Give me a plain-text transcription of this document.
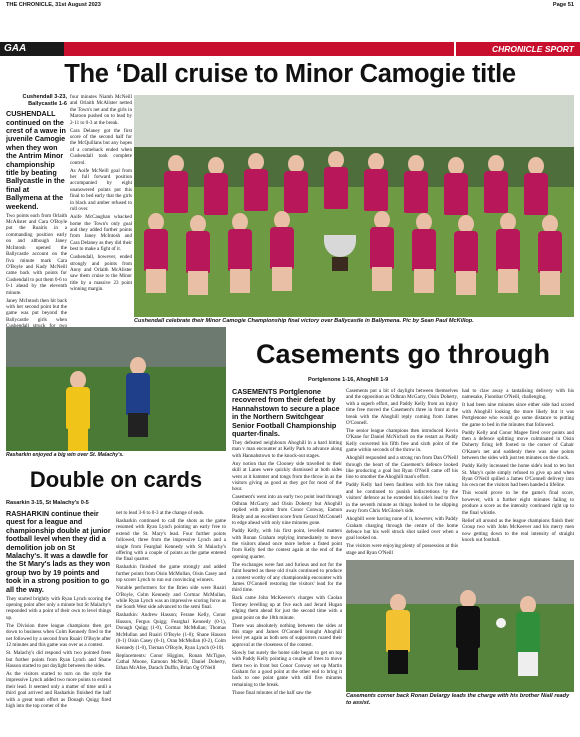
THE CHRONICLE, 31st August 2023	Page 51
GAA	CHRONICLE SPORT
The ‘Dall cruise to Minor Camogie title
Cushendall 3-23, Ballycastle 1-6

CUSHENDALL continued on the crest of a wave in juvenile Camogie when they won the Antrim Minor championship title by beating Ballycastle in the final at Ballymena at the weekend.

Two points each from Orlaith McAlister and Cara O'Boyle put the Ruairis in a commanding position early on and although Janey McIntosh opened the Ballycastle account on the fiva minute mark Cara O'Boyle and Kady McNeill came back with points for Cushendall to put them 0-6 to 0-1 ahead by the eleventh minute.

Janey McIntosh then hit back with her second point but the game was put beyond the Ballycastle girls when

four minutes Niamh McNeill and Orlaith McAlister netted the Town's net and the girls in Maroon pushed on to lead by 2-11 to 0-3 at the break.

Cara Delaney got the first score of the second half for the McQuillans but any hopes of a comeback ended when Cushendall took complete control.

As Aoife McNeill goal from her full forward position accompanied by eight unanswered points put this final to bed early that the girls in black and amber refused to roll over.

Aoife McCaughan whacked home the Town's only goal and they added further points from Janey McIntosh and Cara Delaney as they did their best to make a fight of it.

Cushendall, however, ended strongly and points from Anny and Orlaith McAlister saw them cruise to the Minor title by a massive 23 point winning margin.

Cushendall celebrate their Minor Camogie Championship final victory over Ballycastle in Ballymena. Pic by Sean Paul McKillop.
Rasharkin enjoyed a big win over St. Malachy's.
Double on cards
Rasarkin 3-15, St Malachy's 0-5

RASHARKIN continue their quest for a league and championship double at junior football level when they did a demolition job on St Malachy's. It was a dawdle for the St Mary's lads as they won group two by 19 points and took in a strong position to go all the way.

They started brightly with Ryan Lynch scoring the opening point after only a minute but St Malachy's responded with a point of their own to level things up.

The Division three league champions then got down to business when Colm Kennedy fired to the net followed by a second from Ruairi O'Boyle after 12 minutes and this game was over as a contest.

St. Malachy's did respond with two pointed frees but further points from Ryan Lynch and Shane Hasson started to put daylight between the sides.

As the visitors started to turn on the style the impressive Lynch added two more points to extend their lead. It seemed only a matter of time until a third goal arrived and Rasharkin finished the half with a great team effort as Donagh Quigg fired high into the top corner of the

net to lead 3-6 to 0-3 at the change of ends.

Rasharkin continued to call the shots as the game resumed with Ryan Lynch pointing an early free to extend the St. Mary's lead. Four further points followed, three from the impressive Lynch and a single from Fearghal Kennedy with St Malachy's offering with a couple of points as the game entered the final quarter.

Rasharkin finished the game strongly and added further points from Oisin McMullan, Oisin Casey and top scorer Lynch to run out convincing winners.

Notable performers for the Brien side were Ruairi O'Boyle, Colm Kennedy and Cormac McMullan, while Ryan Lynch was an impressive scoring force as the South West side advanced to the semi final.

Rasharkin: Andrew Hasson; Ferane Kelly, Conor Hasson, Fergus Quigg; Fearghal Kennedy (0-1), Donagh Quigg (1-0), Cormac McMullan; Thomas McMullan and Ruairi O'Boyle (1-0); Shane Hasson (0-1) Oisin Casey (0-1), Oran McMullan (0-2), Colm Kennedy (1-0), Tiernan O'Boyle, Ryan Lynch (0-10).

Replacements: Conor Higgins, Ronan McTigue, Cathal Moone, Eamonn McNeill, Daniel Doherty, Ethan McAfee, Darach Duffin, Brian Og O'Neill

Casements go through
Portglenone 1-16, Ahoghill 1-9

CASEMENTS Portglenone recovered from their defeat by Hannahstown to secure a place in the Northern Switchgear Senior Football Championship quarter-finals.

They defeated neighbours Ahoghill in a hard hitting man v man encounter at Kelly Park to advance along with Hannahstown to the knock-out stages.

Any notion that the Clooney side travelled to their skill at Lanes were quickly dismissed at both sides went at it hammer and tongs from the throw in as the visitors giving as good as they got for most of the hour.

Casement's went into an early two point lead through Odhran McGarry and Oisin Doherty but Ahoghill replied with points from Conor Conway, Eamon Brady and an excellent score from Gerard McConnell to edge ahead with only nine minutes gone.

Paddy Kelly, with his first point, levelled matters with Ronan Graham replying immediately to move the visitors ahead once more before a fisted point from Kelly tied the contest again at the end of the opening quarter.

The exchanges were fast and furious and not for the faint hearted as these old rivals continued to produce a contest worthy of any championship encounter with James O'Connell restoring the visitors' lead for the third time.

Back came John McKeever's charges with Caolan Tierney levelling up at five each and Jerard Hugan edging them ahead for just the second time with a great point on the 18th minute.

There was absolutely nothing between the sides at this stage and James O'Connell brought Ahoghill level yet again as both sets of supporters roared their approval at the closeness of the contest.

Slowly but surely the home side began to get on top with Paddy Kelly pointing a couple of frees to move them two in front but Conor Conway set up Martin Graham for a good point at the other end to bring it back to one point game with still five minutes remaining to the break.

Those final minutes of the half saw the

Casements put a bit of daylight between themselves and the opposition as Odhran McGarry, Oisin Doherty, with a superb effort, and Paddy Kelly from an injury time free moved the Casement's three in front at the break with the Ahoghill reply coming from James O'Connell.

The senior league champions then introduced Kevin O'Kane for Daniel McNicholl on the restart as Paddy Kelly converted his fifth free and sixth point of the game within seconds of the throw in.

Ahoghill responded and a strong run from Dan O'Neill through the heart of the Casement's defence looked like producing a goal but Ryan O'Neill came off his line to smother the Ahoghill man's effort.

Paddy Kelly had been faultless with his free taking and he continued to punish indiscretions by the visitors' defence as he extended his side's lead to five in the seventh minute as things looked to be slipping away from Chris McGlone's side.

Ahoghill were having none of it, however, with Paddy Graham charging through the centre of the home defence but his well struck shot sailed over when a goal looked on.

The visitors were enjoying plenty of possession at this stage and Ryan O'Neill

had to claw away a tantalising delivery with his namesake, Fionnbar O'Neill, challenging.

It had been nine minutes since either side had scored with Ahoghill looking the more likely but it was Portglenone who would go some distance to putting the game to bed in the minutes that followed.

Paddy Kelly and Conor Magee fired over points and then a defence splitting move culminated in Oisin Doherty firing left footed to the corner of Cahair O'Kane's net and suddenly there was nine points between the sides with just ten minutes on the clock.

Paddy Kelly increased the home side's lead to ten but St. Mary's quite simply refused to give up and when Ryan O'Neill spilled a James O'Connell delivery into his own net the visitors had been handed a lifeline.

This would prove to be the game's final score, however, with a further eight minutes failing to produce a score as the intensity continued right up to the final whistle.

Relief all around as the league champions finish their Group two with John McKeever and his merry men now getting down to the real intensity of straight knock out football.

Casements corner back Ronan Delargy leads the charge with his brother Niall ready to assist.
